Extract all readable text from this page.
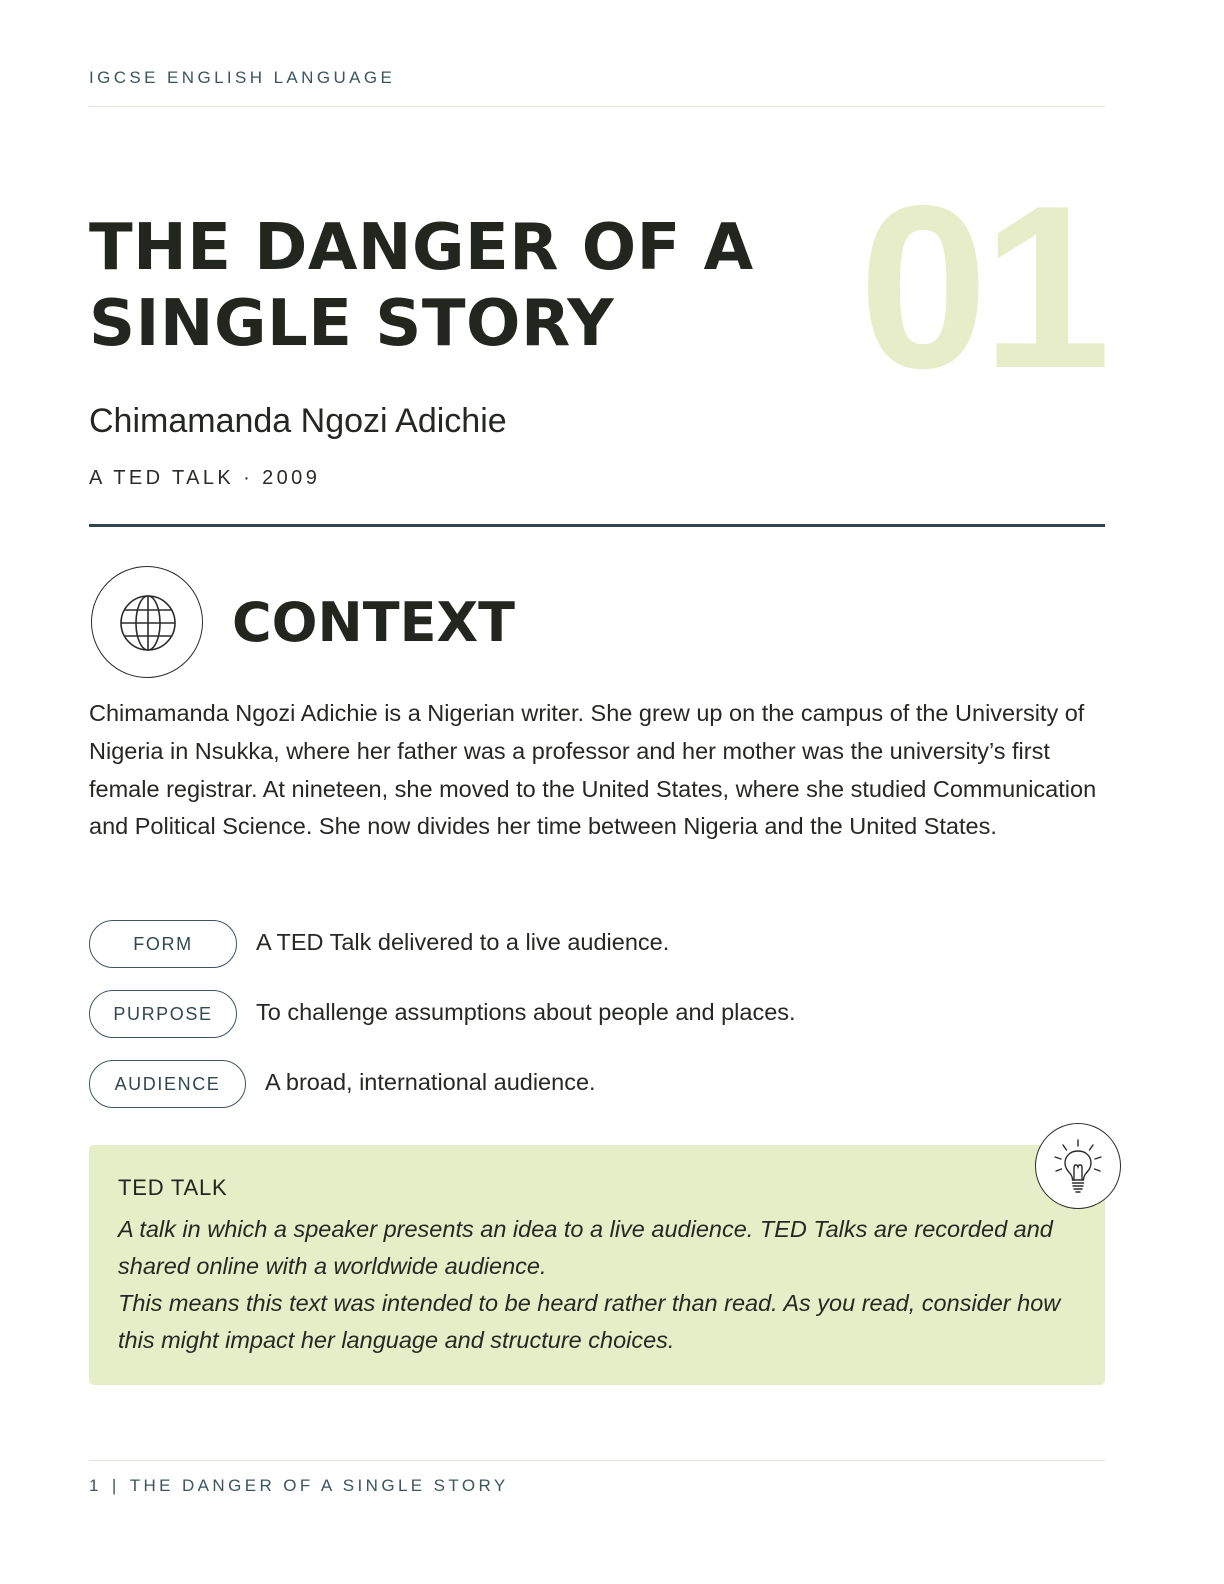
IGCSE ENGLISH LANGUAGE
01
THE DANGER OF A
SINGLE STORY
Chimamanda Ngozi Adichie
A TED TALK · 2009
CONTEXT

Chimamanda Ngozi Adichie is a Nigerian writer. She grew up on the campus of the University of Nigeria in Nsukka, where her father was a professor and her mother was the university’s first female registrar. At nineteen, she moved to the United States, where she studied Communication and Political Science. She now divides her time between Nigeria and the United States.

FORM	A TED Talk delivered to a live audience.
PURPOSE	To challenge assumptions about people and places.
AUDIENCE	A broad, international audience.
TED TALK

A talk in which a speaker presents an idea to a live audience. TED Talks are recorded and shared online with a worldwide audience.

This means this text was intended to be heard rather than read. As you read, consider how this might impact her language and structure choices.

1 | THE DANGER OF A SINGLE STORY
